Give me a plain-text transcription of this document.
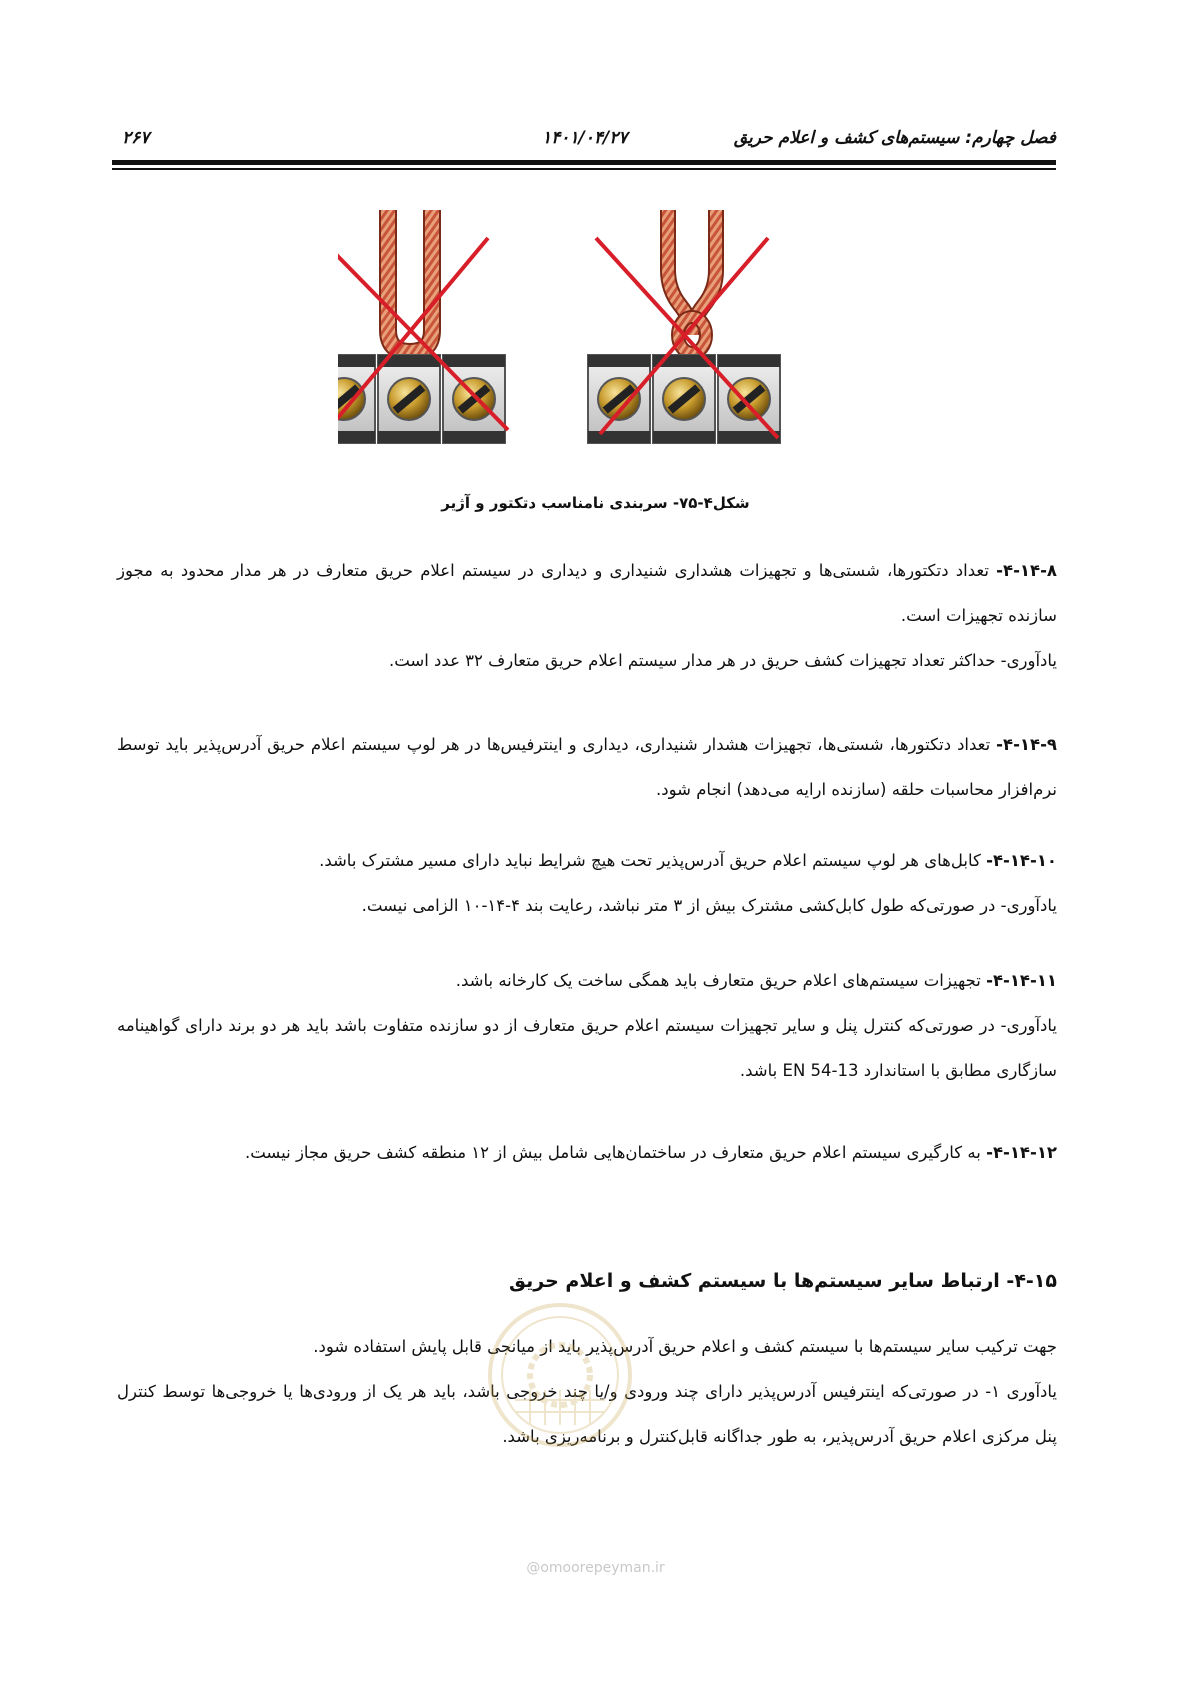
فصل چهارم: سیستم‌های کشف و اعلام حریق
۱۴۰۱/۰۴/۲۷
۲۶۷
شکل۴-۷۵- سربندی نامناسب دتکتور و آژیر

۴-۱۴-۸- تعداد دتکتورها، شستی‌ها و تجهیزات هشداری شنیداری و دیداری در سیستم اعلام حریق متعارف در هر مدار محدود به مجوز سازنده تجهیزات است.

یادآوری- حداکثر تعداد تجهیزات کشف حریق در هر مدار سیستم اعلام حریق متعارف ۳۲ عدد است.

۴-۱۴-۹- تعداد دتکتورها، شستی‌ها، تجهیزات هشدار شنیداری، دیداری و اینترفیس‌ها در هر لوپ سیستم اعلام حریق آدرس‌پذیر باید توسط نرم‌افزار محاسبات حلقه (سازنده ارایه می‌دهد) انجام شود.

۴-۱۴-۱۰- کابل‌های هر لوپ سیستم اعلام حریق آدرس‌پذیر تحت هیچ شرایط نباید دارای مسیر مشترک باشد.

یادآوری- در صورتی‌که طول کابل‌کشی مشترک بیش از ۳ متر نباشد، رعایت بند ۴-۱۴-۱۰ الزامی نیست.

۴-۱۴-۱۱- تجهیزات سیستم‌های اعلام حریق متعارف باید همگی ساخت یک کارخانه باشد.

یادآوری- در صورتی‌که کنترل پنل و سایر تجهیزات سیستم اعلام حریق متعارف از دو سازنده متفاوت باشد باید هر دو برند دارای گواهینامه سازگاری مطابق با استاندارد EN 54-13 باشد.

۴-۱۴-۱۲- به کارگیری سیستم اعلام حریق متعارف در ساختمان‌هایی شامل بیش از ۱۲ منطقه کشف حریق مجاز نیست.

۴-۱۵- ارتباط سایر سیستم‌ها با سیستم کشف و اعلام حریق

جهت ترکیب سایر سیستم‌ها با سیستم کشف و اعلام حریق آدرس‌پذیر باید از میانجی قابل پایش استفاده شود.

یادآوری ۱- در صورتی‌که اینترفیس آدرس‌پذیر دارای چند ورودی و/یا چند خروجی باشد، باید هر یک از ورودی‌ها یا خروجی‌ها توسط کنترل پنل مرکزی اعلام حریق آدرس‌پذیر، به طور جداگانه قابل‌کنترل و برنامه‌ریزی باشد.

@omoorepeyman.ir
